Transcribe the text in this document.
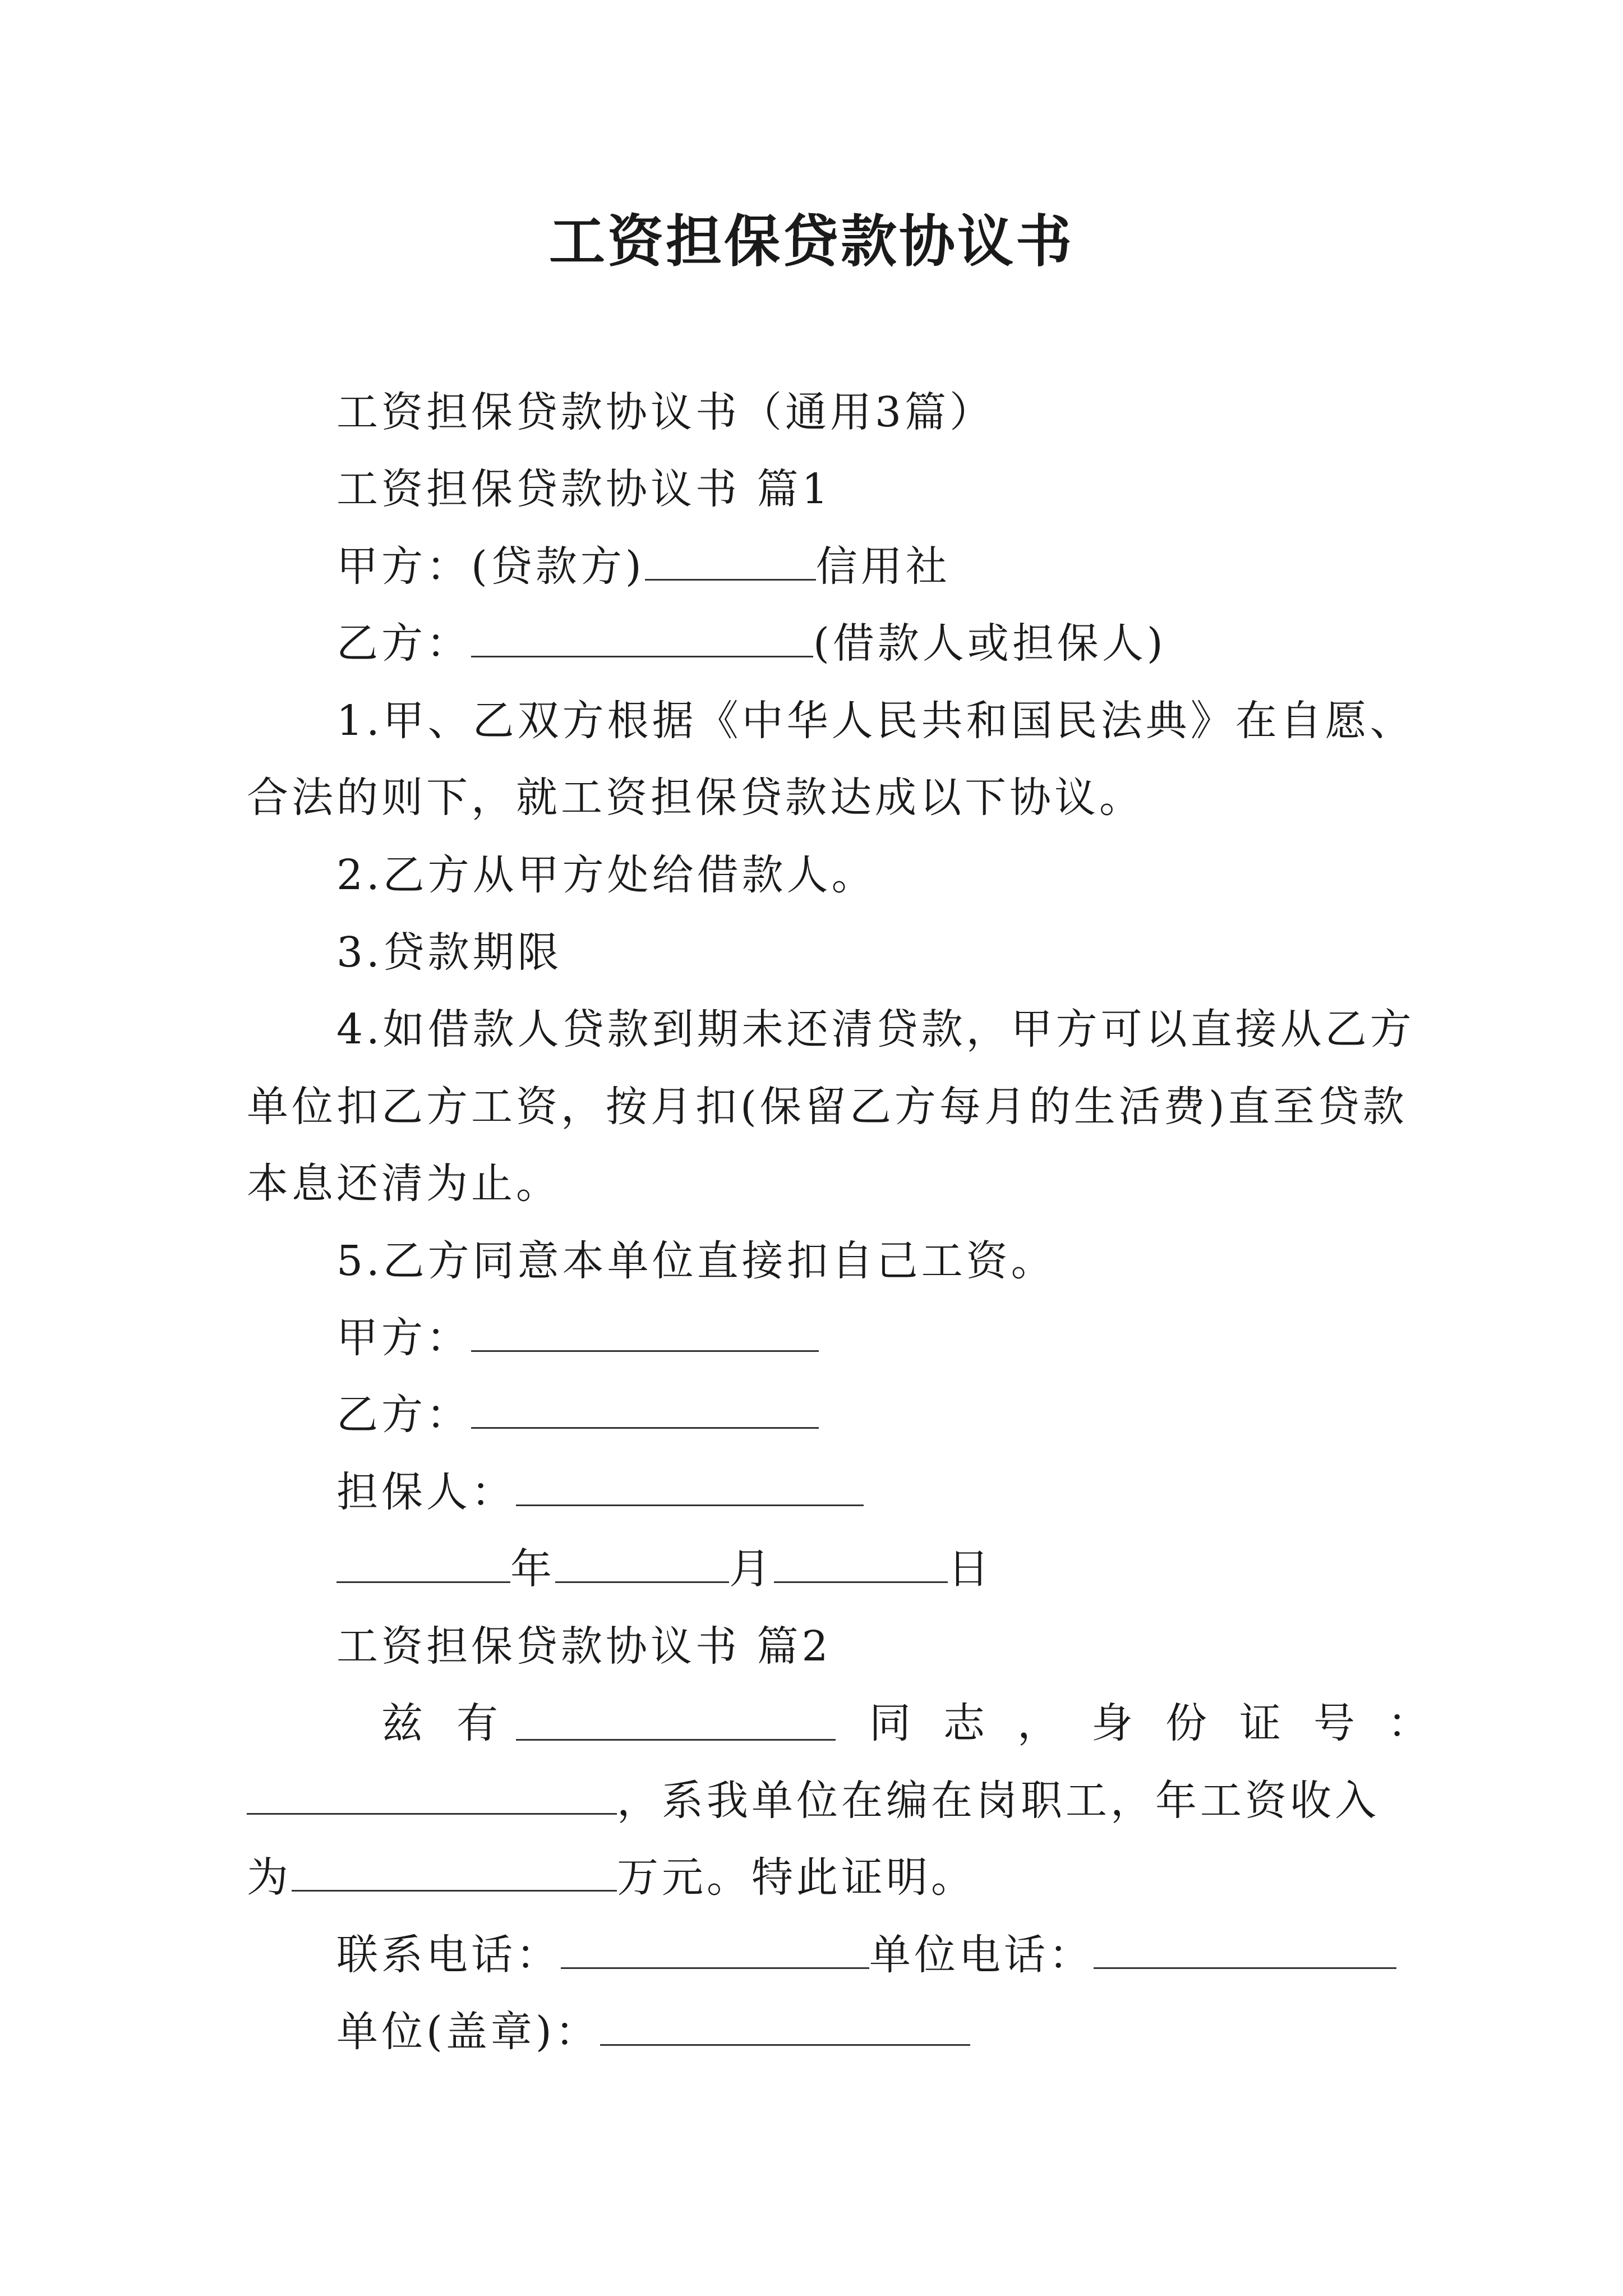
工资担保贷款协议书
工资担保贷款协议书（通用3篇）
工资担保贷款协议书 篇1
甲方：(贷款方)	信用社
乙方：	(借款人或担保人)
1.甲、乙双方根据《中华人民共和国民法典》在自愿、
合法的则下，就工资担保贷款达成以下协议。
2.乙方从甲方处给借款人。
3.贷款期限
4.如借款人贷款到期未还清贷款，甲方可以直接从乙方
单位扣乙方工资，按月扣(保留乙方每月的生活费)直至贷款
本息还清为止。
5.乙方同意本单位直接扣自己工资。
甲方：
乙方：
担保人：
年	月	日
工资担保贷款协议书 篇2
兹有	同志，身份证号：
，系我单位在编在岗职工，年工资收入
为	万元。特此证明。
联系电话：	单位电话：
单位(盖章)：
